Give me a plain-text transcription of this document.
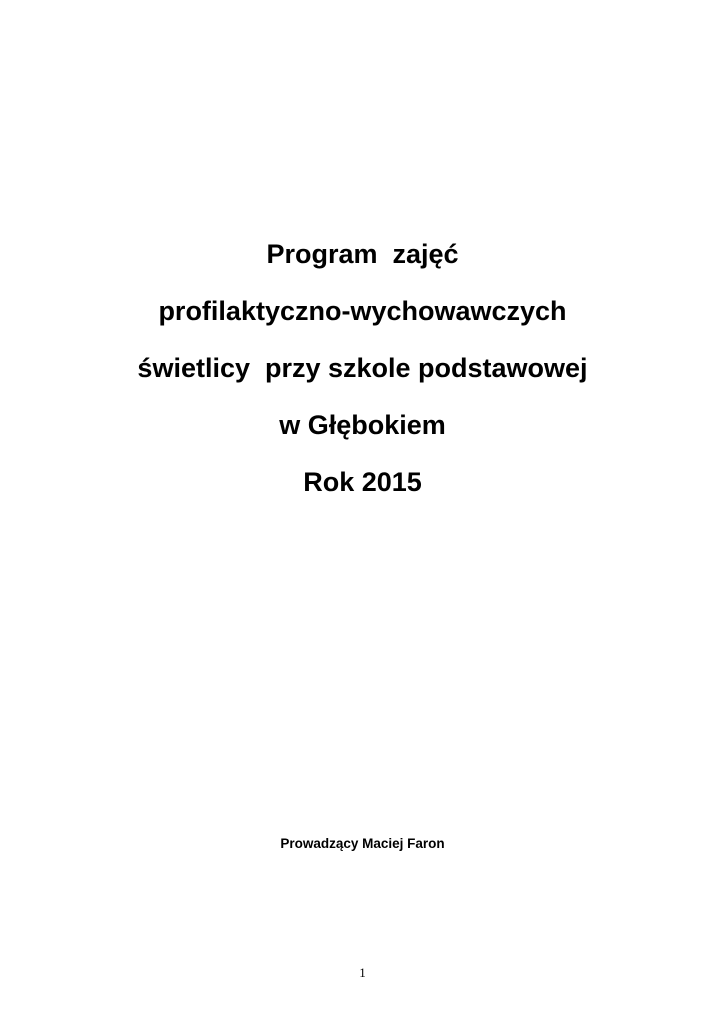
Program  zajęć
profilaktyczno-wychowawczych
świetlicy  przy szkole podstawowej
w Głębokiem
Rok 2015
Prowadzący Maciej Faron
1
